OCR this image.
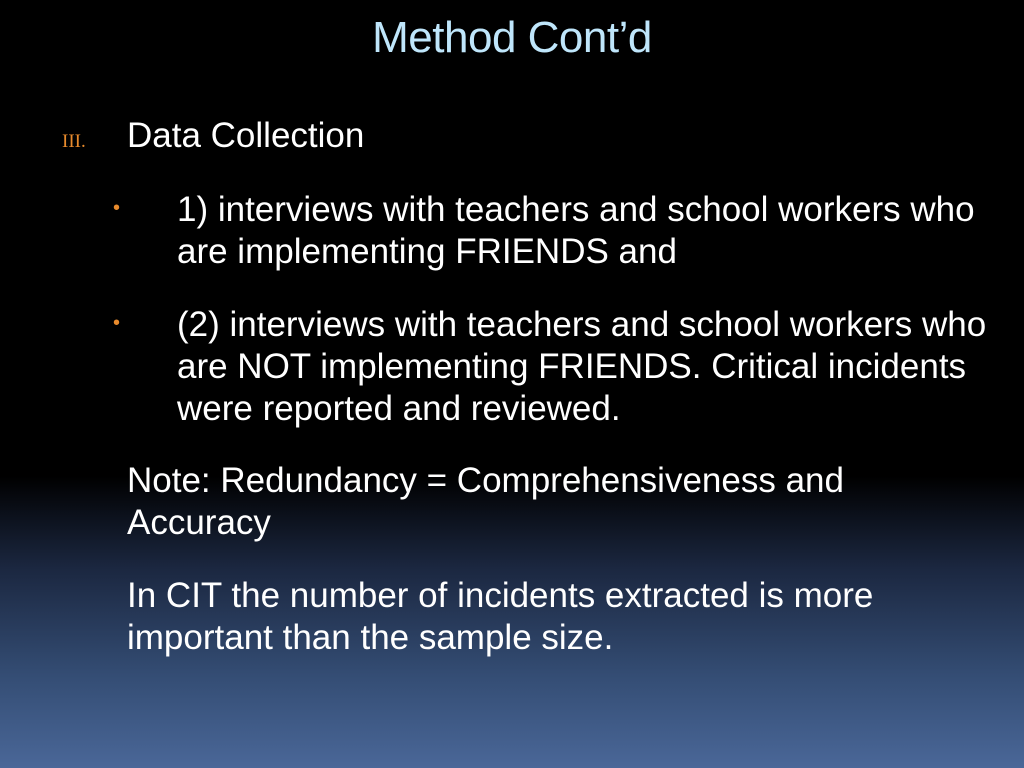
Method Cont’d
III. Data Collection
• 1) interviews with teachers and school workers who are implementing FRIENDS and
• (2) interviews with teachers and school workers who are NOT implementing FRIENDS. Critical incidents were reported and reviewed.
Note: Redundancy = Comprehensiveness and Accuracy
In CIT the number of incidents extracted is more important than the sample size.
